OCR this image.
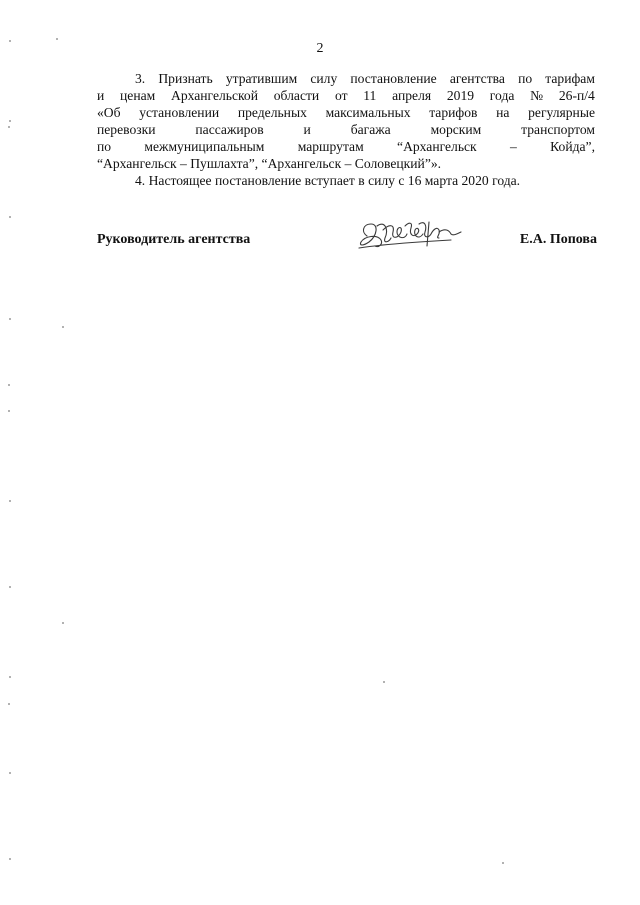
2
3. Признать утратившим силу постановление агентства по тарифам
и ценам Архангельской области от 11 апреля 2019 года № 26-п/4
«Об установлении предельных максимальных тарифов на регулярные
перевозки	пассажиров	и	багажа	морским	транспортом
по межмуниципальным маршрутам “Архангельск – Койда”,
“Архангельск – Пушлахта”, “Архангельск – Соловецкий”».
4. Настоящее постановление вступает в силу с 16 марта 2020 года.
Руководитель агентства	Е.А. Попова
